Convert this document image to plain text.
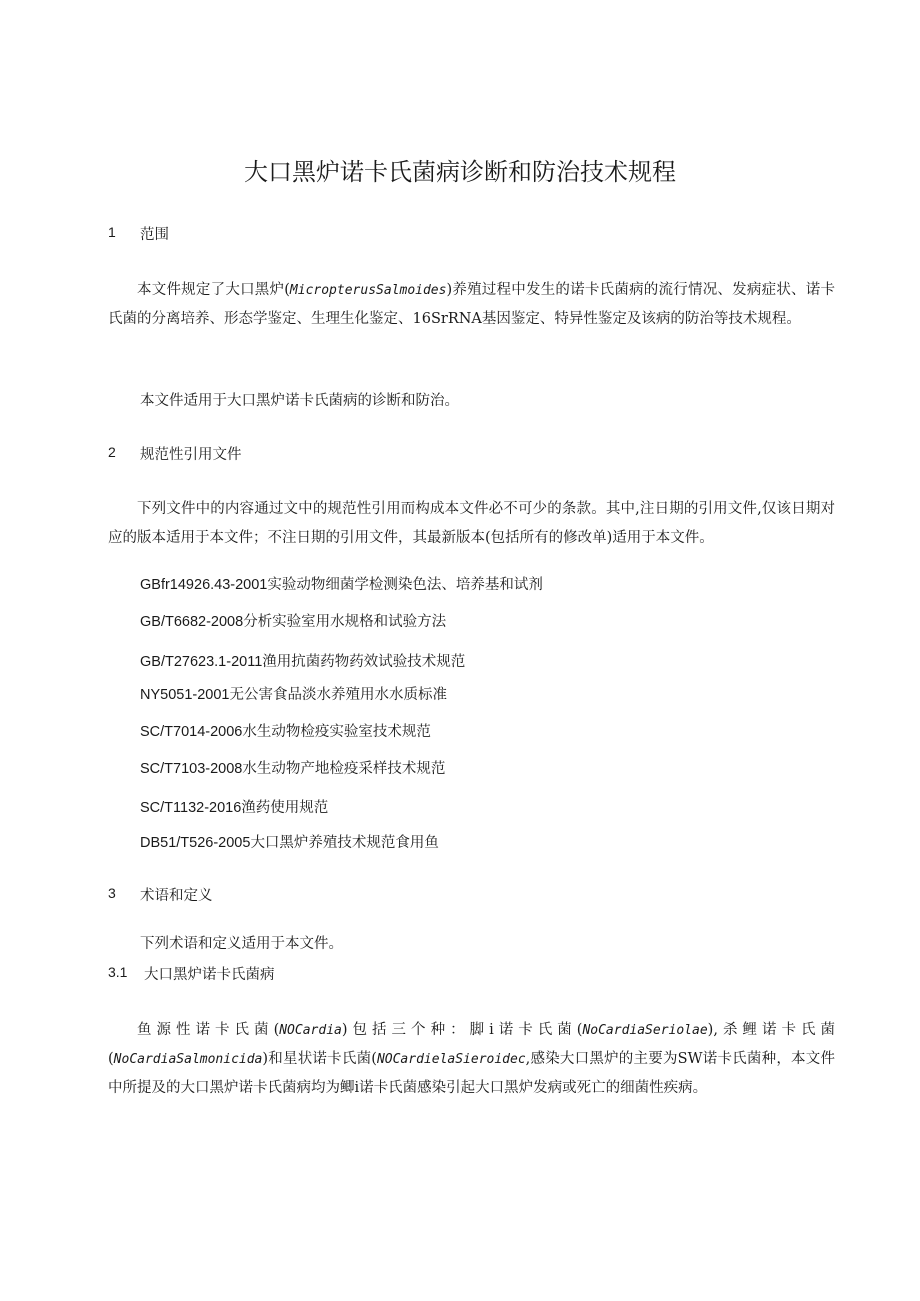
大口黑炉诺卡氏菌病诊断和防治技术规程
1 范围
本文件规定了大口黑炉(MicropterusSalmoides)养殖过程中发生的诺卡氏菌病的流行情况、发病症状、诺卡氏菌的分离培养、形态学鉴定、生理生化鉴定、16SrRNA基因鉴定、特异性鉴定及该病的防治等技术规程。
本文件适用于大口黑炉诺卡氏菌病的诊断和防治。
2 规范性引用文件
下列文件中的内容通过文中的规范性引用而构成本文件必不可少的条款。其中,注日期的引用文件,仅该日期对应的版本适用于本文件；不注日期的引用文件，其最新版本(包括所有的修改单)适用于本文件。
GBfr14926.43-2001实验动物细菌学检测染色法、培养基和试剂
GB/T6682-2008分析实验室用水规格和试验方法
GB/T27623.1-2011渔用抗菌药物药效试验技术规范
NY5051-2001无公害食品淡水养殖用水水质标准
SC/T7014-2006水生动物检疫实验室技术规范
SC/T7103-2008水生动物产地检疫采样技术规范
SC/T1132-2016渔药使用规范
DB51/T526-2005大口黑炉养殖技术规范食用鱼
3 术语和定义
下列术语和定义适用于本文件。
3.1 大口黑炉诺卡氏菌病
鱼源性诺卡氏菌(NOCardia)包括三个种：脚i诺卡氏菌(NoCardiaSeriolae),杀鲤诺卡氏菌(NoCardiaSalmonicida)和星状诺卡氏菌(NOCardielaSieroidec,感染大口黑炉的主要为SW诺卡氏菌种，本文件中所提及的大口黑炉诺卡氏菌病均为鲫i诺卡氏菌感染引起大口黑炉发病或死亡的细菌性疾病。
